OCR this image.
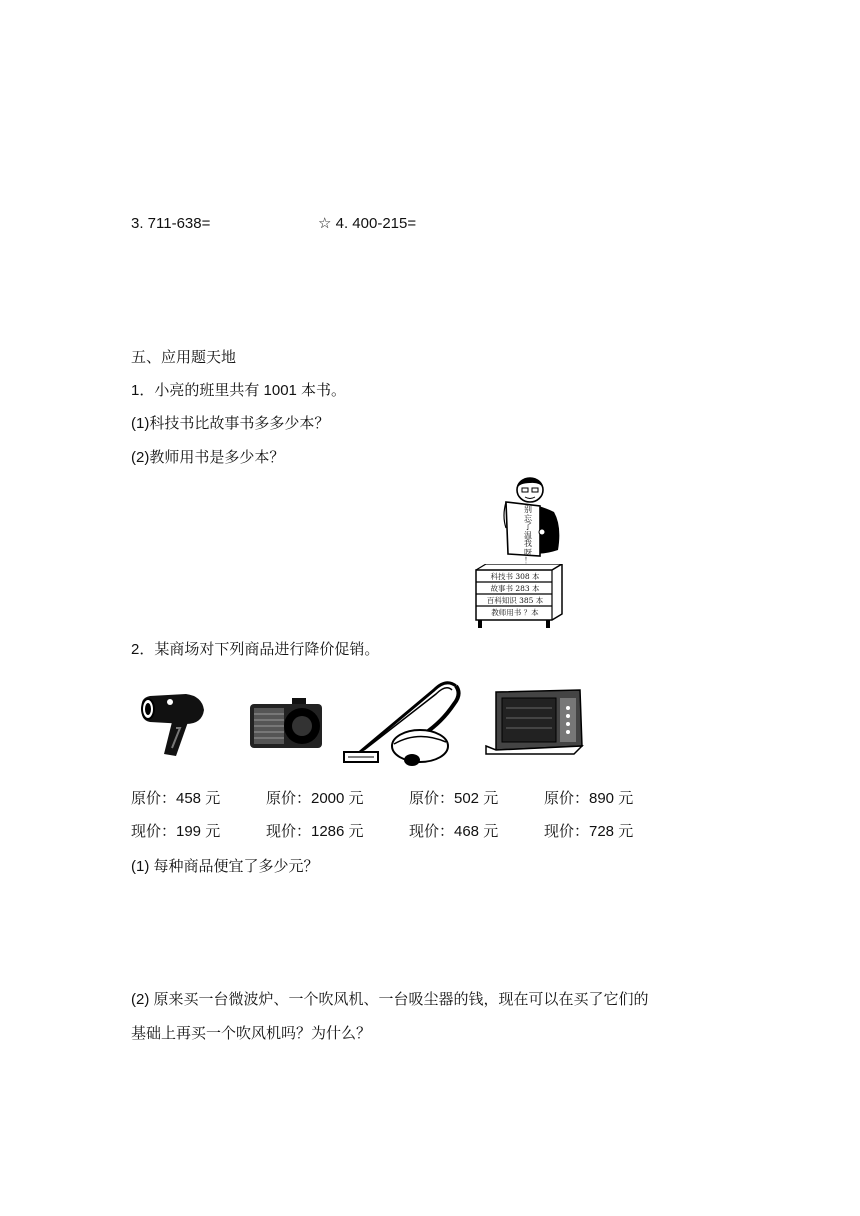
3. 711-638=	☆ 4. 400-215=
五、应用题天地
1．小亮的班里共有 1001 本书。
(1)科技书比故事书多多少本？
(2)教师用书是多少本？
别
忘
了
温
我
呀
！
科技书 308 本
故事书 283 本
百科知识 385 本
教师用书 ？本
2．某商场对下列商品进行降价促销。
原价：458 元	原价：2000 元	原价：502 元	原价：890 元
现价：199 元	现价：1286 元	现价：468 元	现价：728 元
(1) 每种商品便宜了多少元？
(2) 原来买一台微波炉、一个吹风机、一台吸尘器的钱，现在可以在买了它们的
基础上再买一个吹风机吗？为什么？
